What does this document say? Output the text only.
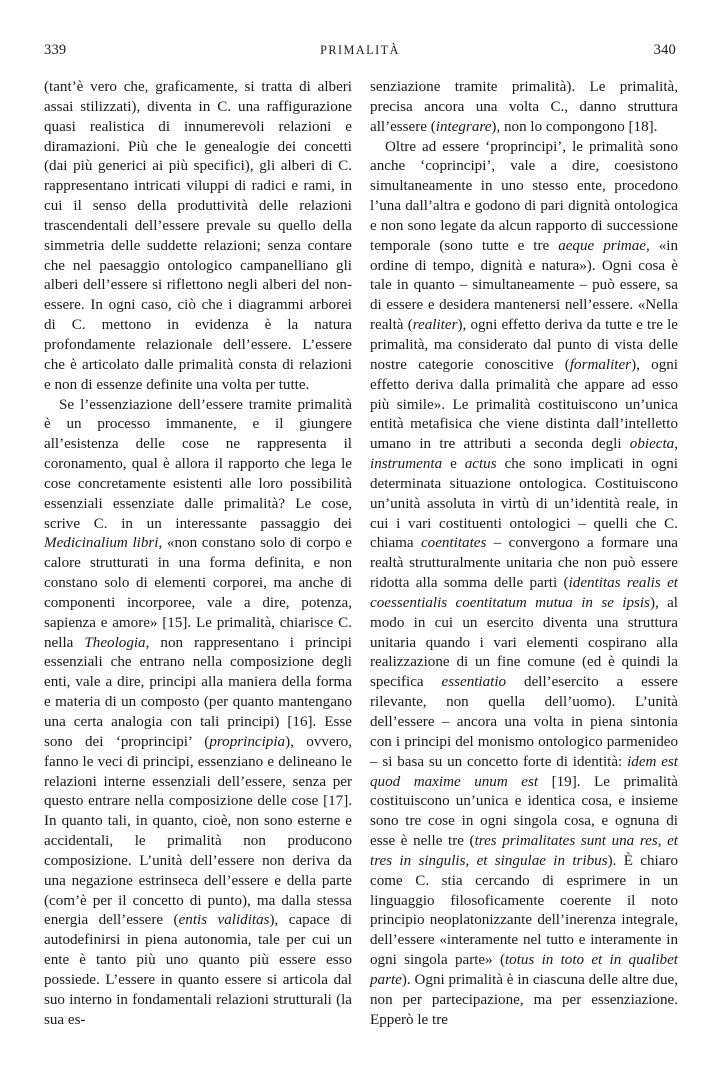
339	PRIMALITÀ	340

(tant’è vero che, graficamente, si tratta di alberi assai stilizzati), diventa in C. una raffigurazione quasi realistica di innumerevoli relazioni e diramazioni. Più che le genealogie dei concetti (dai più generici ai più specifici), gli alberi di C. rappresentano intricati viluppi di radici e rami, in cui il senso della produttività delle relazioni trascendentali dell’essere prevale su quello della simmetria delle suddette relazioni; senza contare che nel paesaggio ontologico campanelliano gli alberi dell’essere si riflettono negli alberi del non-essere. In ogni caso, ciò che i diagrammi arborei di C. mettono in evidenza è la natura profondamente relazionale dell’essere. L’essere che è articolato dalle primalità consta di relazioni e non di essenze definite una volta per tutte.

Se l’essenziazione dell’essere tramite primalità è un processo immanente, e il giungere all’esistenza delle cose ne rappresenta il coronamento, qual è allora il rapporto che lega le cose concretamente esistenti alle loro possibilità essenziali essenziate dalle primalità? Le cose, scrive C. in un interessante passaggio dei Medicinalium libri, «non constano solo di corpo e calore strutturati in una forma definita, e non constano solo di elementi corporei, ma anche di componenti incorporee, vale a dire, potenza, sapienza e amore» [15]. Le primalità, chiarisce C. nella Theologia, non rappresentano i principi essenziali che entrano nella composizione degli enti, vale a dire, principi alla maniera della forma e materia di un composto (per quanto mantengano una certa analogia con tali principi) [16]. Esse sono dei ‘proprincipi’ (proprincipia), ovvero, fanno le veci di principi, essenziano e delineano le relazioni interne essenziali dell’essere, senza per questo entrare nella composizione delle cose [17]. In quanto tali, in quanto, cioè, non sono esterne e accidentali, le primalità non producono composizione. L’unità dell’essere non deriva da una negazione estrinseca dell’essere e della parte (com’è per il concetto di punto), ma dalla stessa energia dell’essere (entis validitas), capace di autodefinirsi in piena autonomia, tale per cui un ente è tanto più uno quanto più essere esso possiede. L’essere in quanto essere si articola dal suo interno in fondamentali relazioni strutturali (la sua es-

senziazione tramite primalità). Le primalità, precisa ancora una volta C., danno struttura all’essere (integrare), non lo compongono [18].

Oltre ad essere ‘proprincipi’, le primalità sono anche ‘coprincipi’, vale a dire, coesistono simultaneamente in uno stesso ente, procedono l’una dall’altra e godono di pari dignità ontologica e non sono legate da alcun rapporto di successione temporale (sono tutte e tre aeque primae, «in ordine di tempo, dignità e natura»). Ogni cosa è tale in quanto – simultaneamente – può essere, sa di essere e desidera mantenersi nell’essere. «Nella realtà (realiter), ogni effetto deriva da tutte e tre le primalità, ma considerato dal punto di vista delle nostre categorie conoscitive (formaliter), ogni effetto deriva dalla primalità che appare ad esso più simile». Le primalità costituiscono un’unica entità metafisica che viene distinta dall’intelletto umano in tre attributi a seconda degli obiecta, instrumenta e actus che sono implicati in ogni determinata situazione ontologica. Costituiscono un’unità assoluta in virtù di un’identità reale, in cui i vari costituenti ontologici – quelli che C. chiama coentitates – convergono a formare una realtà strutturalmente unitaria che non può essere ridotta alla somma delle parti (identitas realis et coessentialis coentitatum mutua in se ipsis), al modo in cui un esercito diventa una struttura unitaria quando i vari elementi cospirano alla realizzazione di un fine comune (ed è quindi la specifica essentiatio dell’esercito a essere rilevante, non quella dell’uomo). L’unità dell’essere – ancora una volta in piena sintonia con i principi del monismo ontologico parmenideo – si basa su un concetto forte di identità: idem est quod maxime unum est [19]. Le primalità costituiscono un’unica e identica cosa, e insieme sono tre cose in ogni singola cosa, e ognuna di esse è nelle tre (tres primalitates sunt una res, et tres in singulis, et singulae in tribus). È chiaro come C. stia cercando di esprimere in un linguaggio filosoficamente coerente il noto principio neoplatonizzante dell’inerenza integrale, dell’essere «interamente nel tutto e interamente in ogni singola parte» (totus in toto et in qualibet parte). Ogni primalità è in ciascuna delle altre due, non per partecipazione, ma per essenziazione. Epperò le tre
